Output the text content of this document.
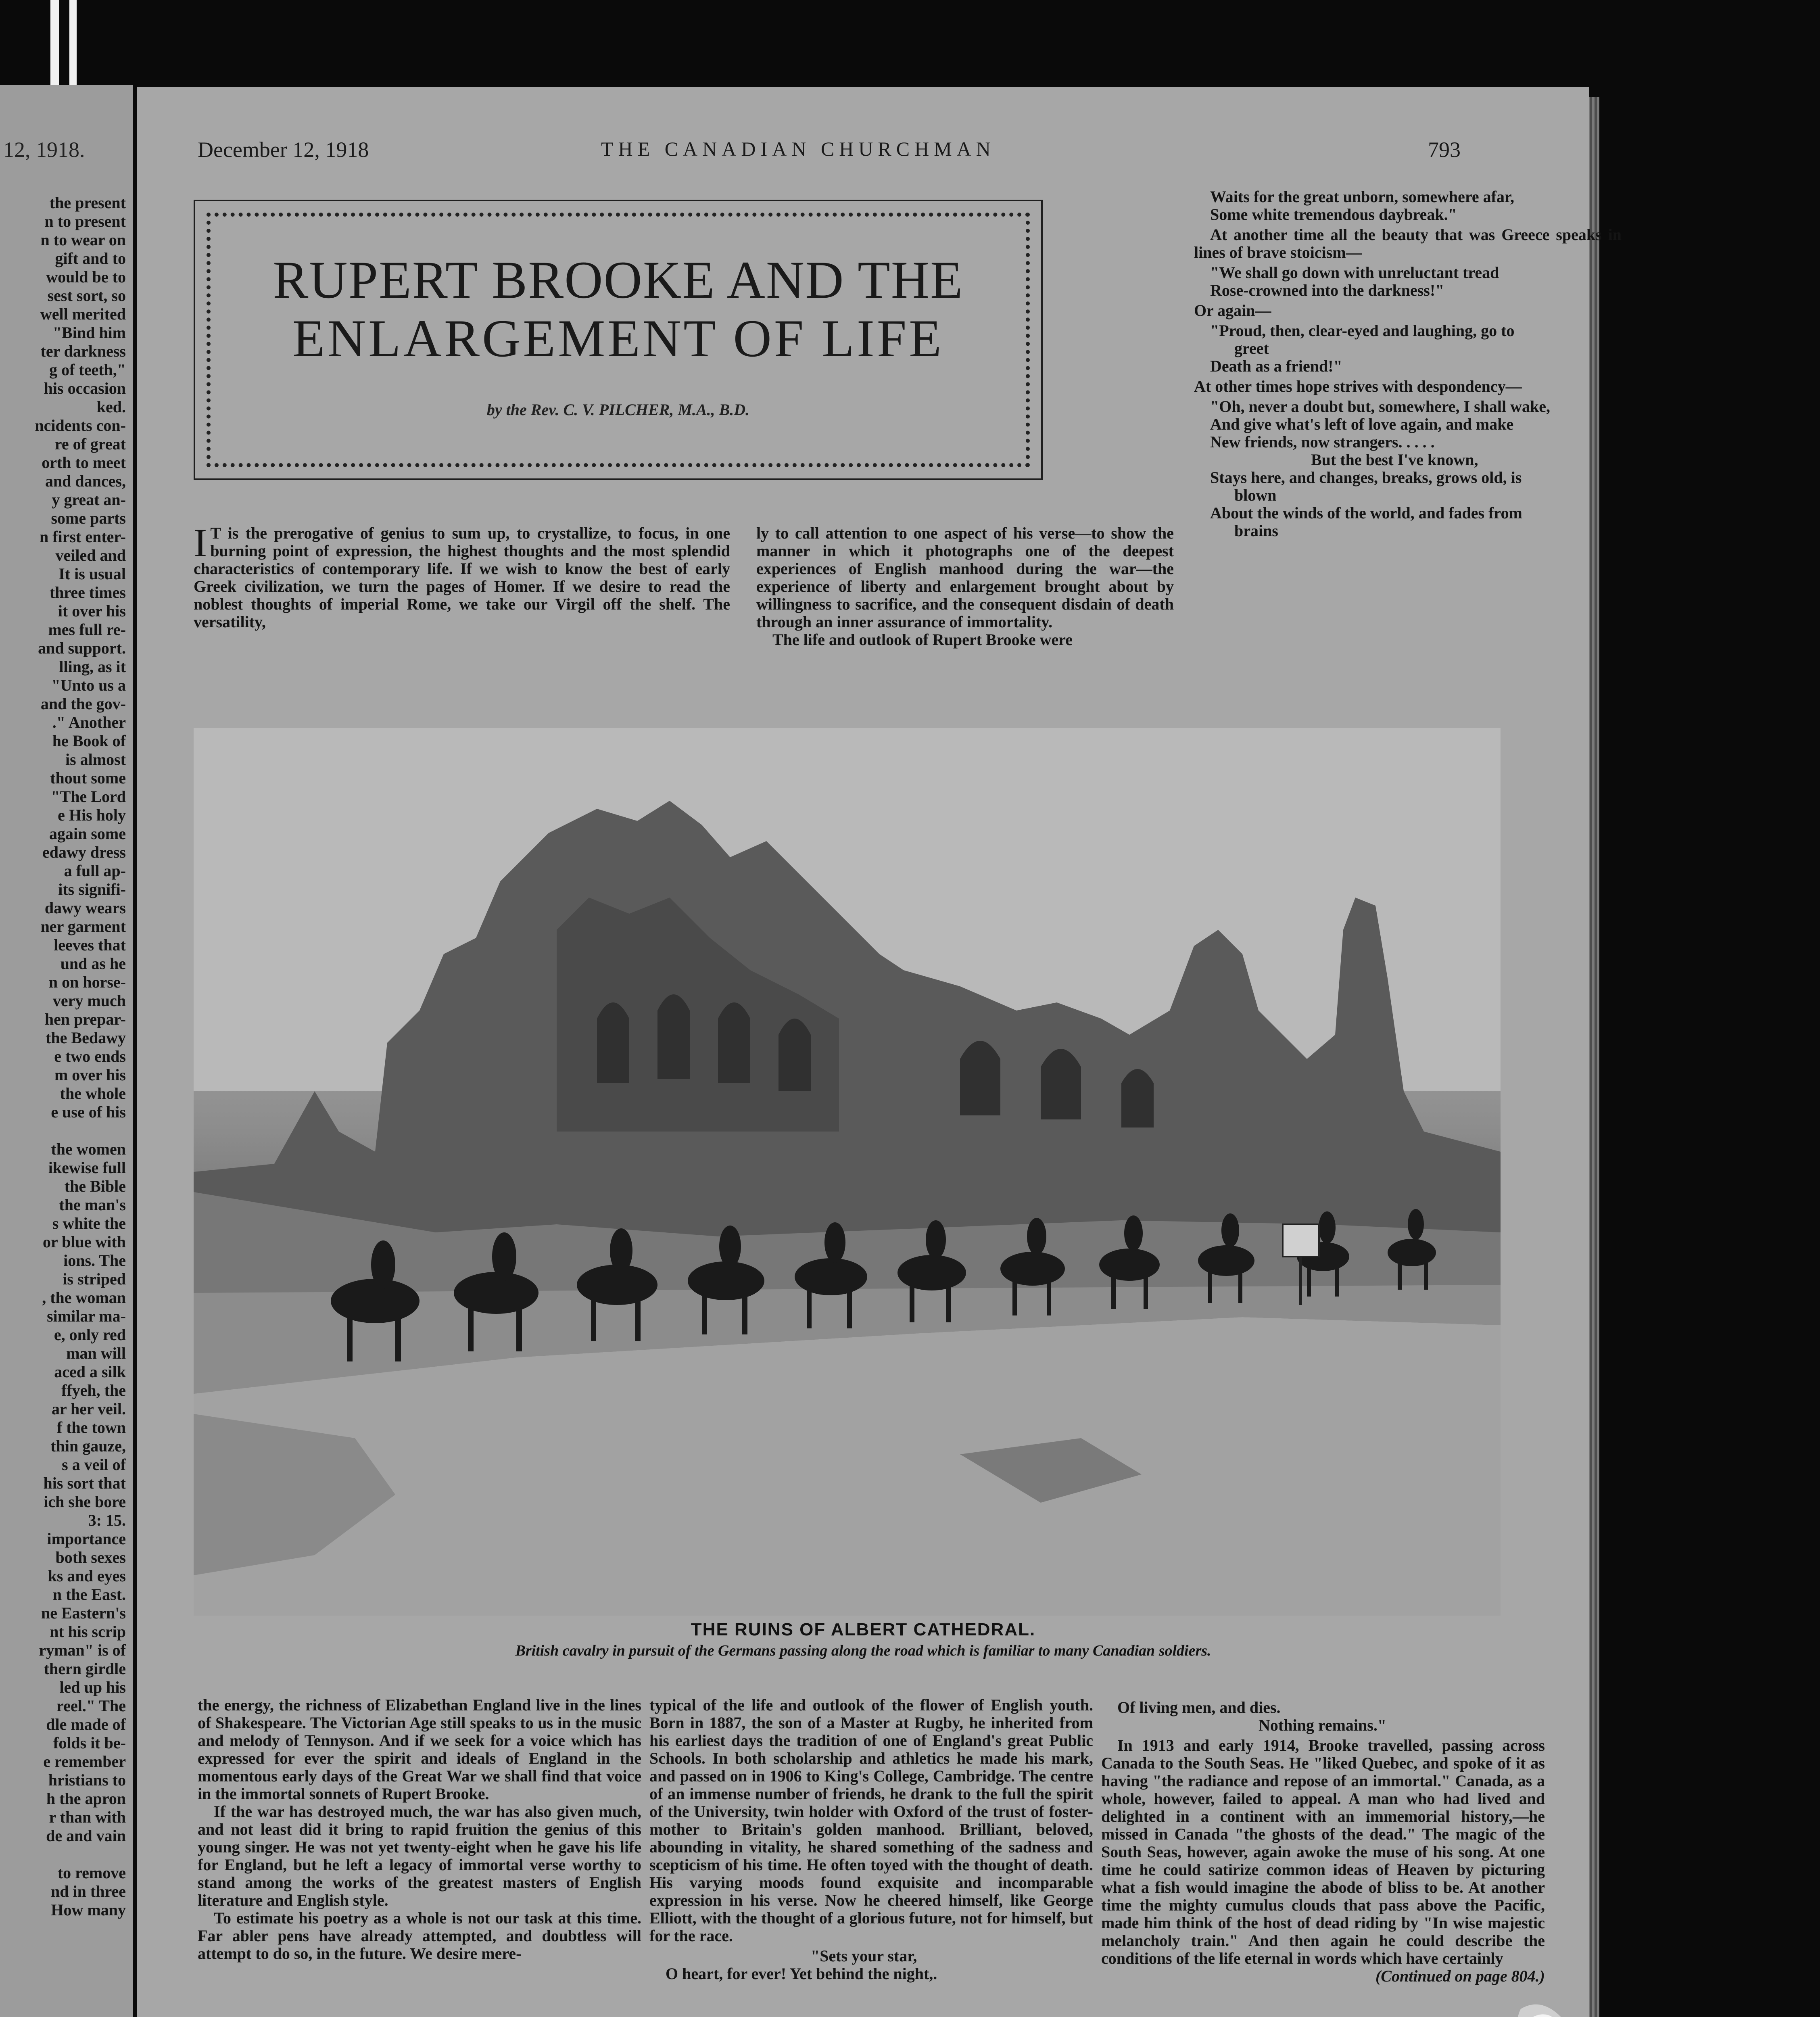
12, 1918.
the present
n to present
n to wear on
gift and to
would be to
sest sort, so
well merited
"Bind him
ter darkness
g of teeth,"
his occasion
ked.
ncidents con-
re of great
orth to meet
and dances,
y great an-
some parts
n first enter-
veiled and
It is usual
three times
it over his
mes full re-
and support.
lling, as it
"Unto us a
and the gov-
." Another
he Book of
is almost
thout some
"The Lord
e His holy
again some
edawy dress
a full ap-
its signifi-
dawy wears
ner garment
leeves that
und as he
n on horse-
very much
hen prepar-
the Bedawy
e two ends
m over his
the whole
e use of his
the women
ikewise full
the Bible
the man's
s white the
or blue with
ions. The
is striped
, the woman
similar ma-
e, only red
man will
aced a silk
ffyeh, the
ar her veil.
f the town
thin gauze,
s a veil of
his sort that
ich she bore
3: 15.
importance
both sexes
ks and eyes
n the East.
ne Eastern's
nt his scrip
ryman" is of
thern girdle
led up his
reel." The
dle made of
folds it be-
e remember
hristians to
h the apron
r than with
de and vain
to remove
nd in three
How many
December 12, 1918	THE CANADIAN CHURCHMAN	793
RUPERT BROOKE AND THE
ENLARGEMENT OF LIFE
by the Rev. C. V. PILCHER, M.A., B.D.

I T is the prerogative of genius to sum up, to crystallize, to focus, in one burning point of expression, the highest thoughts and the most splendid characteristics of contemporary life. If we wish to know the best of early Greek civilization, we turn the pages of Homer. If we desire to read the noblest thoughts of imperial Rome, we take our Virgil off the shelf. The versatility,

ly to call attention to one aspect of his verse—to show the manner in which it photographs one of the deepest experiences of English manhood during the war—the experience of liberty and enlargement brought about by willingness to sacrifice, and the consequent disdain of death through an inner assurance of immortality.

The life and outlook of Rupert Brooke were

Waits for the great unborn, somewhere afar,
Some white tremendous daybreak."

At another time all the beauty that was Greece speaks in lines of brave stoicism—

"We shall go down with unreluctant tread
Rose-crowned into the darkness!"

Or again—

"Proud, then, clear-eyed and laughing, go to
greet
Death as a friend!"

At other times hope strives with despondency—

"Oh, never a doubt but, somewhere, I shall wake,
And give what's left of love again, and make
New friends, now strangers. . . . .
But the best I've known,
Stays here, and changes, breaks, grows old, is
blown
About the winds of the world, and fades from
brains
THE RUINS OF ALBERT CATHEDRAL.
British cavalry in pursuit of the Germans passing along the road which is familiar to many Canadian soldiers.

the energy, the richness of Elizabethan England live in the lines of Shakespeare. The Victorian Age still speaks to us in the music and melody of Tennyson. And if we seek for a voice which has expressed for ever the spirit and ideals of England in the momentous early days of the Great War we shall find that voice in the immortal sonnets of Rupert Brooke.

If the war has destroyed much, the war has also given much, and not least did it bring to rapid fruition the genius of this young singer. He was not yet twenty-eight when he gave his life for England, but he left a legacy of immortal verse worthy to stand among the works of the greatest masters of English literature and English style.

To estimate his poetry as a whole is not our task at this time. Far abler pens have already attempted, and doubtless will attempt to do so, in the future. We desire mere-

typical of the life and outlook of the flower of English youth. Born in 1887, the son of a Master at Rugby, he inherited from his earliest days the tradition of one of England's great Public Schools. In both scholarship and athletics he made his mark, and passed on in 1906 to King's College, Cambridge. The centre of an immense number of friends, he drank to the full the spirit of the University, twin holder with Oxford of the trust of foster-mother to Britain's golden manhood. Brilliant, beloved, abounding in vitality, he shared something of the sadness and scepticism of his time. He often toyed with the thought of death. His varying moods found exquisite and incomparable expression in his verse. Now he cheered himself, like George Elliott, with the thought of a glorious future, not for himself, but for the race.

"Sets your star,
O heart, for ever! Yet behind the night,.
Of living men, and dies.
Nothing remains."

In 1913 and early 1914, Brooke travelled, passing across Canada to the South Seas. He "liked Quebec, and spoke of it as having "the radiance and repose of an immortal." Canada, as a whole, however, failed to appeal. A man who had lived and delighted in a continent with an immemorial history,—he missed in Canada "the ghosts of the dead." The magic of the South Seas, however, again awoke the muse of his song. At one time he could satirize common ideas of Heaven by picturing what a fish would imagine the abode of bliss to be. At another time the mighty cumulus clouds that pass above the Pacific, made him think of the host of dead riding by "In wise majestic melancholy train." And then again he could describe the conditions of the life eternal in words which have certainly

(Continued on page 804.)
